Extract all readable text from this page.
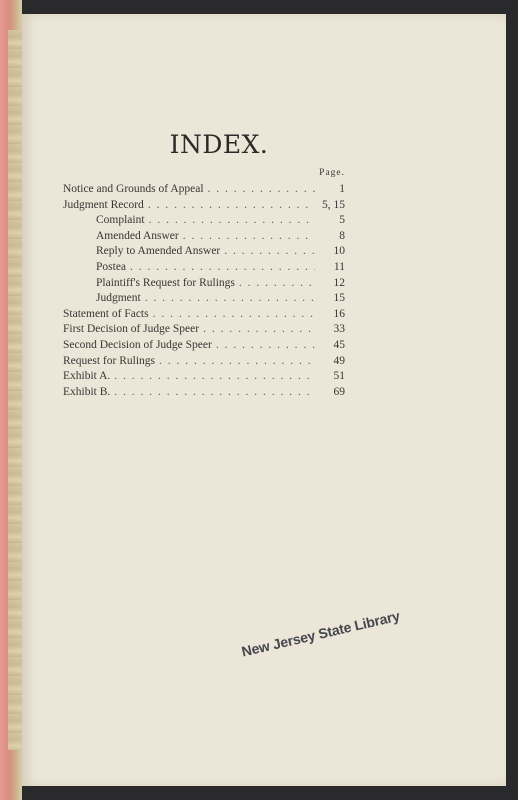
INDEX.
Page.
Notice and Grounds of Appeal . . .	1
Judgment Record . . .	5, 15
Complaint . . .	5
Amended Answer . . .	8
Reply to Amended Answer . . .	10
Postea . . .	11
Plaintiff's Request for Rulings . . .	12
Judgment . . .	15
Statement of Facts . . .	16
First Decision of Judge Speer . . .	33
Second Decision of Judge Speer . . .	45
Request for Rulings . . .	49
Exhibit A. . . .	51
Exhibit B. . . .	69
New Jersey State Library
